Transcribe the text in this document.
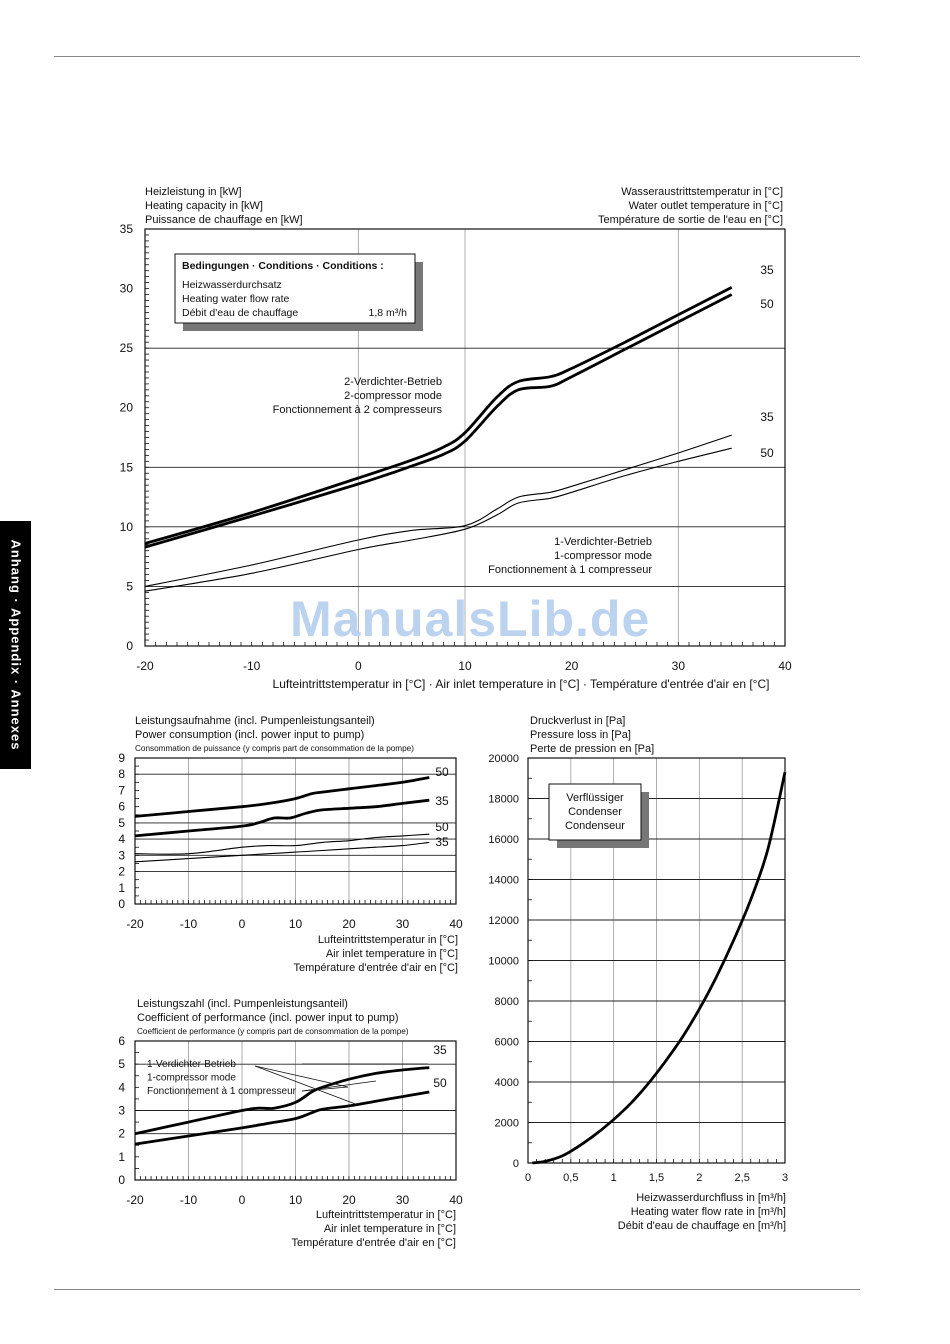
Anhang · Appendix · Annexes	-20	-10	0	10	20	30	40
0
5
10
15
20
25
30
35
Heizleistung in [kW]
Heating capacity in [kW]
Puissance de chauffage en [kW]
Wasseraustrittstemperatur in [°C]
Water outlet temperature in [°C]
Température de sortie de l'eau en [°C]
Lufteintrittstemperatur in [°C] · Air inlet temperature in [°C] · Température d'entrée d'air en [°C]
35
50
35
50
2-Verdichter-Betrieb
2-compressor mode
Fonctionnement à 2 compresseurs
1-Verdichter-Betrieb
1-compressor mode
Fonctionnement à 1 compresseur
Bedingungen · Conditions · Conditions :
Heizwasserdurchsatz
Heating water flow rate
Débit d'eau de chauffage	1,8 m³/h
-20	-10	0	10	20	30	40
0
1
2
3
4
5
6
7
8
9
Leistungsaufnahme (incl. Pumpenleistungsanteil)
Power consumption (incl. power input to pump)
Consommation de puissance (y compris part de consommation de la pompe)
Lufteintrittstemperatur in [°C]
Air inlet temperature in [°C]
Température d'entrée d'air en [°C]
50
35
50
35
-20	-10	0	10	20	30	40
0
1
2
3
4
5
6
Leistungszahl (incl. Pumpenleistungsanteil)
Coefficient of performance (incl. power input to pump)
Coefficient de performance (y compris part de consommation de la pompe)
Lufteintrittstemperatur in [°C]
Air inlet temperature in [°C]
Température d'entrée d'air en [°C]
35
50
1-Verdichter-Betrieb
1-compressor mode
Fonctionnement à 1 compresseur
0	0,5	1	1,5	2	2,5	3
0
2000
4000
6000
8000
10000
12000
14000
16000
18000
20000
Druckverlust in [Pa]
Pressure loss in [Pa]
Perte de pression en [Pa]
Heizwasserdurchfluss in [m³/h]
Heating water flow rate in [m³/h]
Débit d'eau de chauffage en [m³/h]
Verflüssiger
Condenser
Condenseur
ManualsLib.de
